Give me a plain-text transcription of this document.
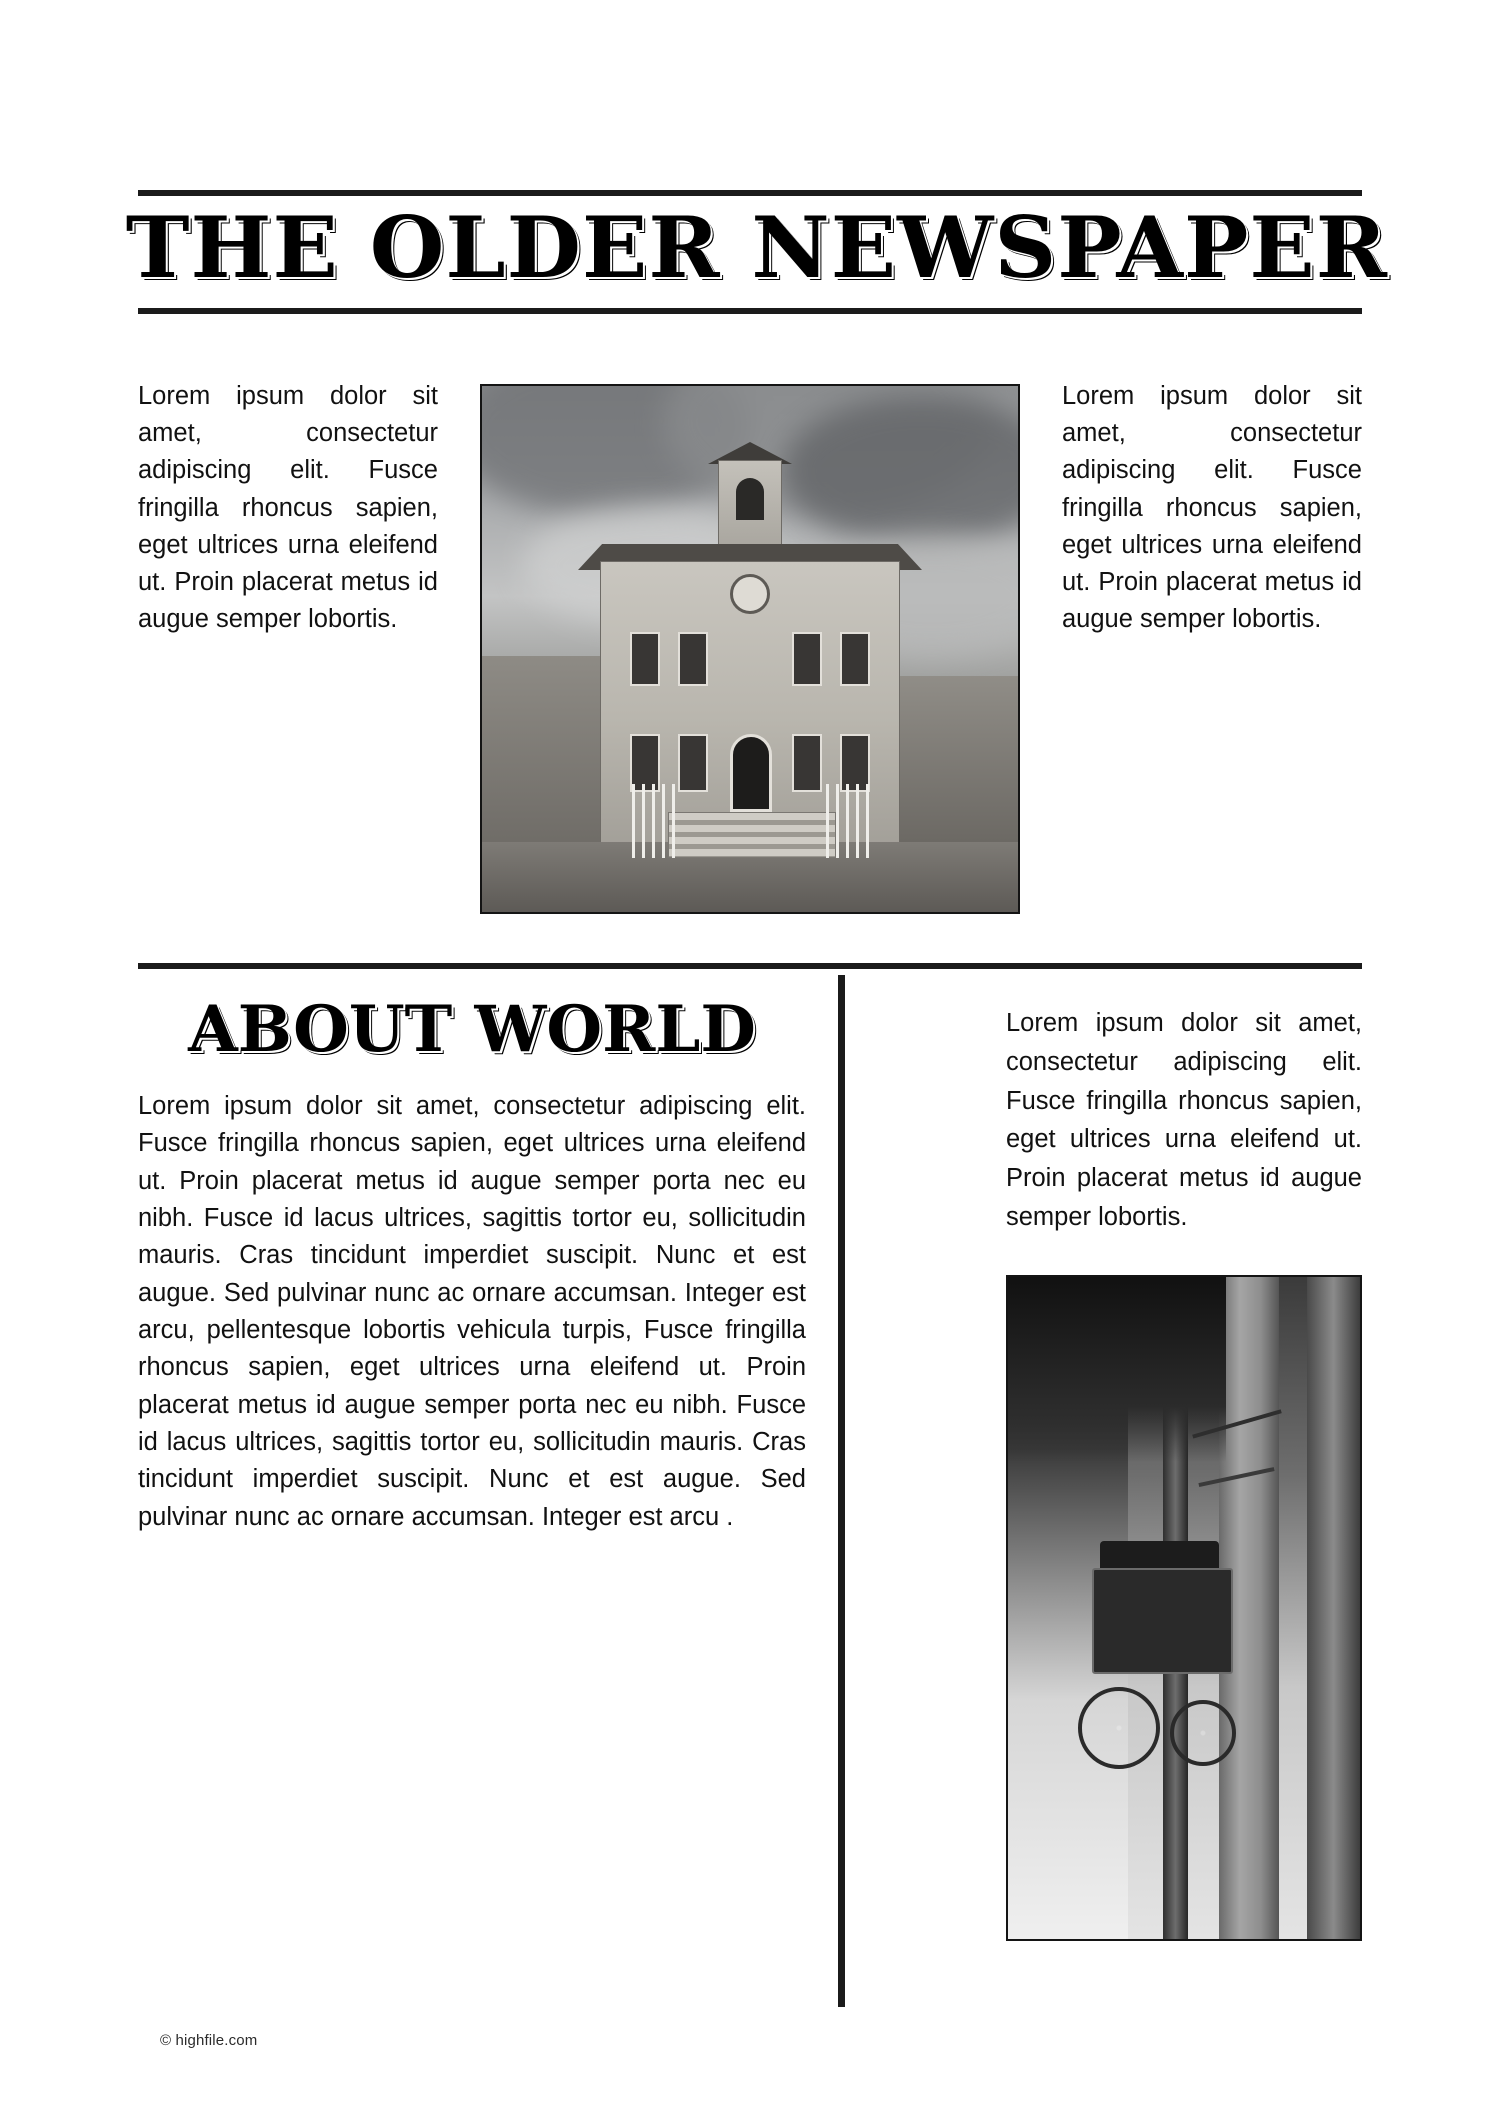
THE OLDER NEWSPAPER
Lorem ipsum dolor sit amet, consectetur adipiscing elit. Fusce fringilla rhoncus sapien, eget ultrices urna eleifend ut. Proin placerat metus id augue semper lobortis.
Lorem ipsum dolor sit amet, consectetur adipiscing elit. Fusce fringilla rhoncus sapien, eget ultrices urna eleifend ut. Proin placerat metus id augue semper lobortis.
ABOUT WORLD
Lorem ipsum dolor sit amet, consectetur adipiscing elit. Fusce fringilla rhoncus sapien, eget ultrices urna eleifend ut. Proin placerat metus id augue semper porta nec eu nibh. Fusce id lacus ultrices, sagittis tortor eu, sollicitudin mauris. Cras tincidunt imperdiet suscipit. Nunc et est augue. Sed pulvinar nunc ac ornare accumsan. Integer est arcu, pellentesque lobortis vehicula turpis, Fusce fringilla rhoncus sapien, eget ultrices urna eleifend ut. Proin placerat metus id augue semper porta nec eu nibh. Fusce id lacus ultrices, sagittis tortor eu, sollicitudin mauris. Cras tincidunt imperdiet suscipit. Nunc et est augue. Sed pulvinar nunc ac ornare accumsan. Integer est arcu .
Lorem ipsum dolor sit amet, consectetur adipiscing elit. Fusce fringilla rhoncus sapien, eget ultrices urna eleifend ut. Proin placerat metus id augue semper lobortis.
© highfile.com
